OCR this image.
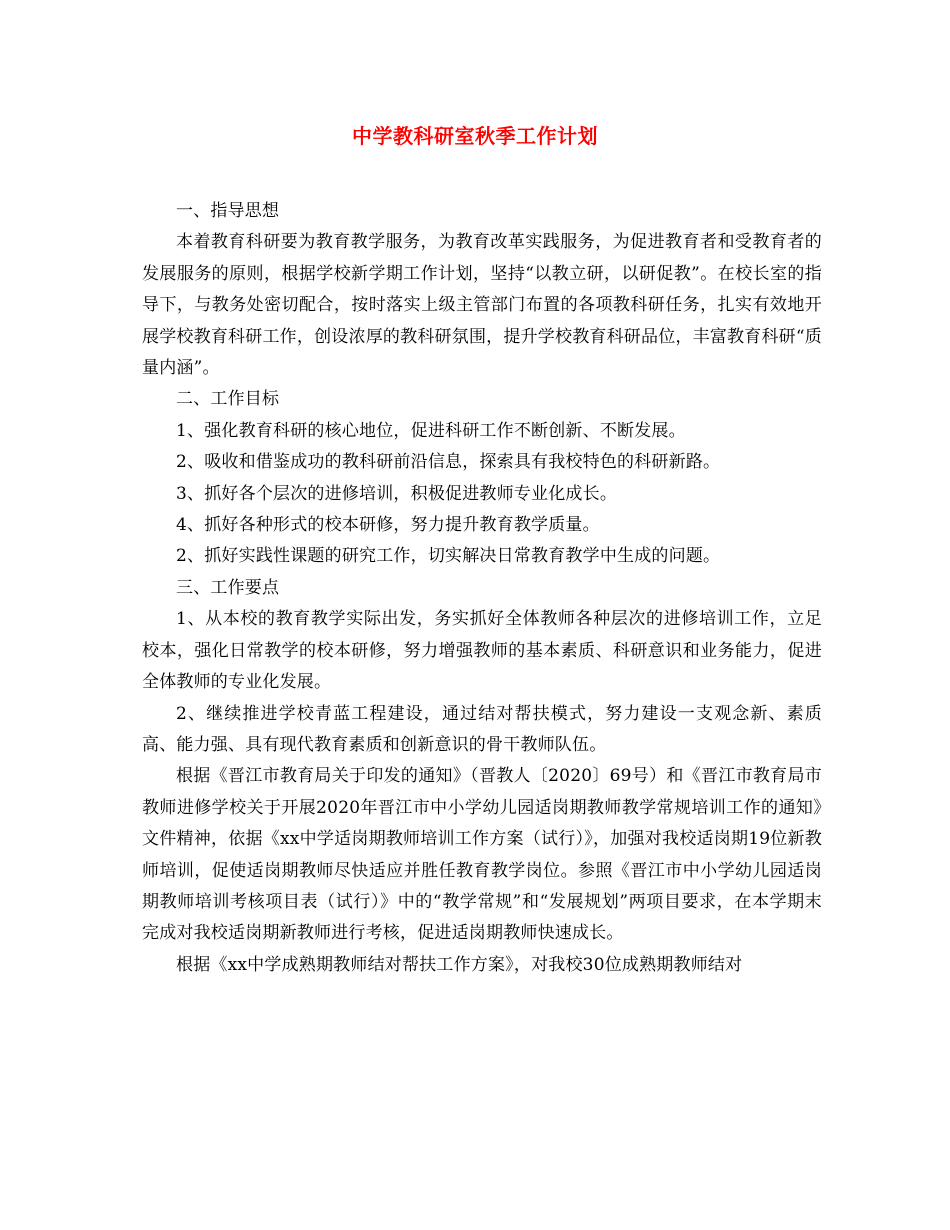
中学教科研室秋季工作计划

一、指导思想

本着教育科研要为教育教学服务，为教育改革实践服务，为促进教育者和受教育者的发展服务的原则，根据学校新学期工作计划，坚持“以教立研，以研促教”。在校长室的指导下，与教务处密切配合，按时落实上级主管部门布置的各项教科研任务，扎实有效地开展学校教育科研工作，创设浓厚的教科研氛围，提升学校教育科研品位，丰富教育科研“质量内涵”。

二、工作目标

1、强化教育科研的核心地位，促进科研工作不断创新、不断发展。

2、吸收和借鉴成功的教科研前沿信息，探索具有我校特色的科研新路。

3、抓好各个层次的进修培训，积极促进教师专业化成长。

4、抓好各种形式的校本研修，努力提升教育教学质量。

2、抓好实践性课题的研究工作，切实解决日常教育教学中生成的问题。

三、工作要点

1、从本校的教育教学实际出发，务实抓好全体教师各种层次的进修培训工作，立足校本，强化日常教学的校本研修，努力增强教师的基本素质、科研意识和业务能力，促进全体教师的专业化发展。

2、继续推进学校青蓝工程建设，通过结对帮扶模式，努力建设一支观念新、素质高、能力强、具有现代教育素质和创新意识的骨干教师队伍。

根据《晋江市教育局关于印发的通知》（晋教人〔2020〕69号）和《晋江市教育局市教师进修学校关于开展2020年晋江市中小学幼儿园适岗期教师教学常规培训工作的通知》文件精神，依据《xx中学适岗期教师培训工作方案（试行）》，加强对我校适岗期19位新教师培训，促使适岗期教师尽快适应并胜任教育教学岗位。参照《晋江市中小学幼儿园适岗期教师培训考核项目表（试行）》中的“教学常规”和“发展规划”两项目要求，在本学期末完成对我校适岗期新教师进行考核，促进适岗期教师快速成长。

根据《xx中学成熟期教师结对帮扶工作方案》，对我校30位成熟期教师结对
